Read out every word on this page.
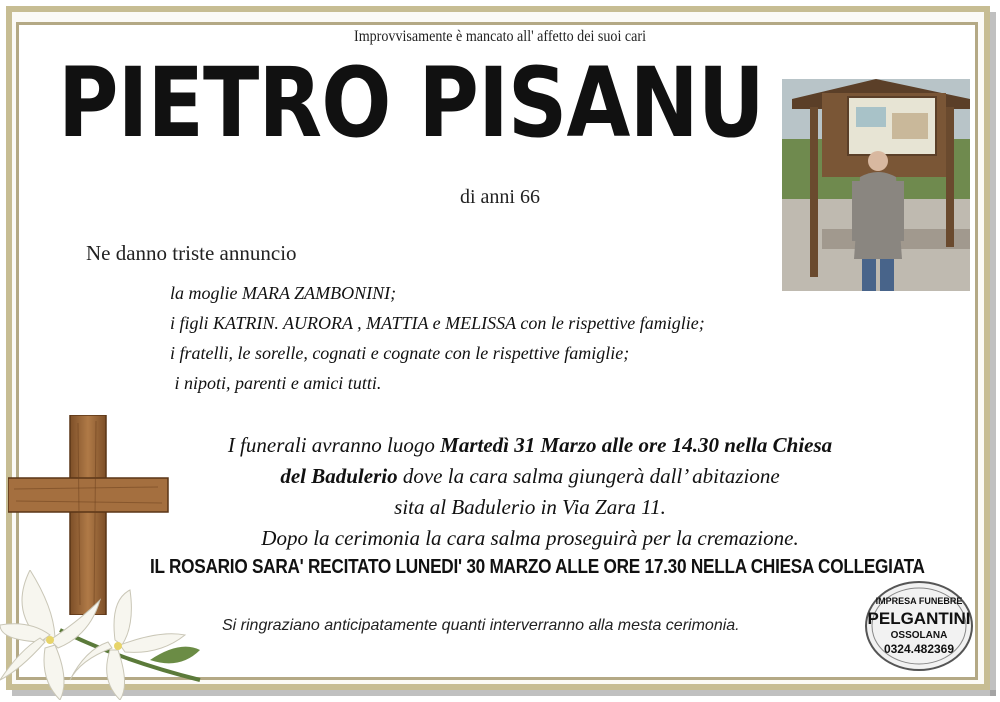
Improvvisamente è mancato all' affetto dei suoi cari
PIETRO PISANU
di anni 66
Ne danno triste annuncio
la moglie MARA ZAMBONINI;
i figli KATRIN. AURORA , MATTIA e MELISSA con le rispettive famiglie;
i fratelli, le sorelle, cognati e cognate con le rispettive famiglie;
i nipoti, parenti e amici tutti.
I funerali avranno luogo Martedì 31 Marzo alle ore 14.30 nella Chiesa
del Badulerio dove la cara salma giungerà dall’ abitazione
sita al Badulerio in Via Zara 11.
Dopo la cerimonia la cara salma proseguirà per la cremazione.
IL ROSARIO SARA' RECITATO LUNEDI' 30 MARZO ALLE ORE 17.30 NELLA CHIESA COLLEGIATA
Si ringraziano anticipatamente quanti interverranno alla mesta cerimonia.
IMPRESA FUNEBRE
PELGANTINI
OSSOLANA
0324.482369
